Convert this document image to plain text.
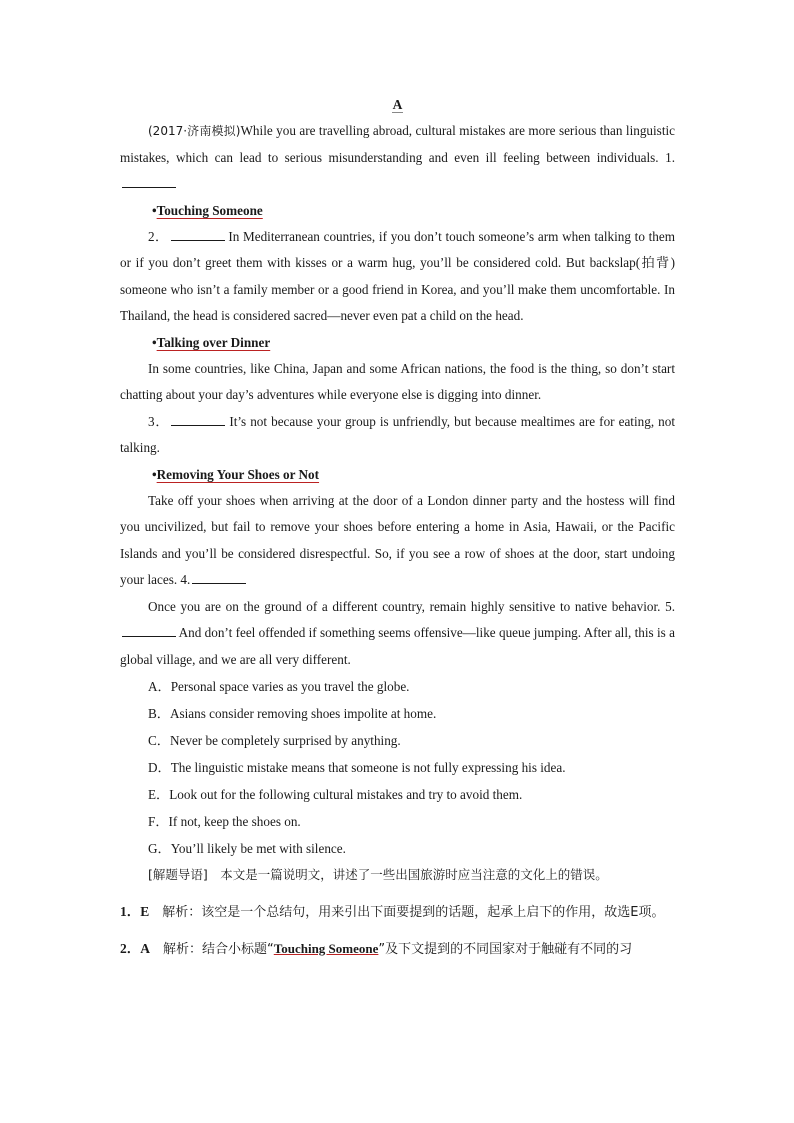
A

(2017·济南模拟)While you are travelling abroad, cultural mistakes are more serious than linguistic mistakes, which can lead to serious misunderstanding and even ill feeling between individuals. 1.

•Touching Someone

2．	In Mediterranean countries, if you don’t touch someone’s arm when talking to them or if you don’t greet them with kisses or a warm hug, you’ll be considered cold. But backslap(拍背) someone who isn’t a family member or a good friend in Korea, and you’ll make them uncomfortable. In Thailand, the head is considered sacred—never even pat a child on the head.

•Talking over Dinner

In some countries, like China, Japan and some African nations, the food is the thing, so don’t start chatting about your day’s adventures while everyone else is digging into dinner.

3．	It’s not because your group is unfriendly, but because mealtimes are for eating, not talking.

•Removing Your Shoes or Not

Take off your shoes when arriving at the door of a London dinner party and the hostess will find you uncivilized, but fail to remove your shoes before entering a home in Asia, Hawaii, or the Pacific Islands and you’ll be considered disrespectful. So, if you see a row of shoes at the door, start undoing your laces. 4.

Once you are on the ground of a different country, remain highly sensitive to native behavior. 5. And don’t feel offended if something seems offensive—like queue jumping. After all, this is a global village, and we are all very different.

A．Personal space varies as you travel the globe.

B．Asians consider removing shoes impolite at home.

C．Never be completely surprised by anything.

D．The linguistic mistake means that someone is not fully expressing his idea.

E．Look out for the following cultural mistakes and try to avoid them.

F．If not, keep the shoes on.

G．You’ll likely be met with silence.

[解题导语]　本文是一篇说明文，讲述了一些出国旅游时应当注意的文化上的错误。

1．E　解析：该空是一个总结句，用来引出下面要提到的话题，起承上启下的作用，故选E项。

2．A　解析：结合小标题“Touching Someone”及下文提到的不同国家对于触碰有不同的习
